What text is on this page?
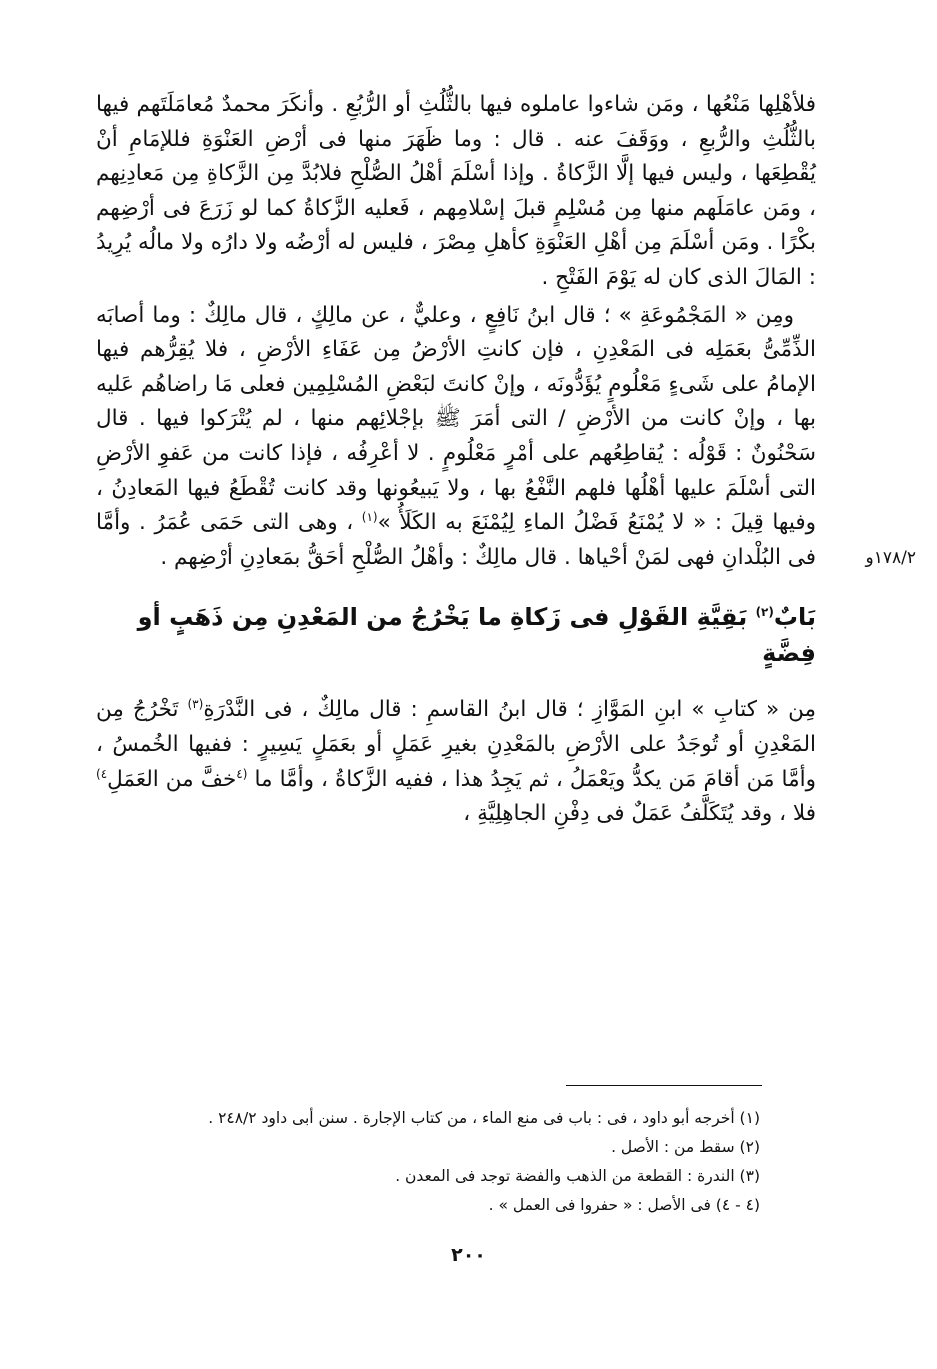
١٧٨/٢و

فلأهْلِها مَنْعُها ، ومَن شاءوا عاملوه فيها بالثُّلُثِ أو الرُّبُعِ . وأنكَرَ محمدٌ مُعامَلَتَهم فيها بالثُّلُثِ والرُّبعِ ، ووَقَفَ عنه . قال : وما ظَهَرَ منها فى أرْضِ العَنْوَةِ فللإمَامِ أنْ يُقْطِعَها ، وليس فيها إلَّا الزَّكاةُ . وإذا أسْلَمَ أهْلُ الصُّلْحِ فلابُدَّ مِن الزَّكاةِ مِن مَعادِنِهم ، ومَن عامَلَهم منها مِن مُسْلِمٍ قبلَ إسْلامِهم ، فَعليه الزَّكاةُ كما لو زَرَعَ فى أرْضِهم بكْرًا . ومَن أسْلَمَ مِن أهْلِ العَنْوَةِ كأهلِ مِصْرَ ، فليس له أرْضُه ولا دارُه ولا مالُه يُرِيدُ : المَالَ الذى كان له يَوْمَ الفَتْحِ .

ومِن « المَجْمُوعَةِ » ؛ قال ابنُ نَافِعٍ ، وعليٌّ ، عن مالِكٍ ، قال مالِكٌ : وما أصابَه الذِّمِّىُّ بعَمَلِه فى المَعْدِنِ ، فإن كانتِ الأرْضُ مِن عَفَاءِ الأرْضِ ، فلا يُقِرُّهم فيها الإمامُ على شَىءٍ مَعْلُومٍ يُؤَدُّونَه ، وإنْ كانتَ لبَعْضِ المُسْلِمِين فعلى مَا راضاهُم عَليه بها ، وإنْ كانت من الأرْضِ / التى أمَرَ ﷺ بإجْلائِهم منها ، لم يُتْرَكوا فيها . قال سَحْنُونٌ : قَوْلُه : يُقاطِعُهم على أمْرٍ مَعْلُومٍ . لا أعْرِفُه ، فإذا كانت من عَفوِ الأرْضِ التى أسْلَمَ عليها أهْلُها فلهم النَّفْعُ بها ، ولا يَبيعُونها وقد كانت تُقْطَعُ فيها المَعادِنُ ، وفيها قِيلَ : « لا يُمْنَعُ فَضْلُ الماءِ لِيُمْنَعَ به الكَلَأُ »$^{(١)}$ ، وهى التى حَمَى عُمَرُ . وأمَّا فى البُلْدانِ فهى لمَنْ أحْياها . قال مالِكٌ : وأهْلُ الصُّلْحِ أحَقُّ بمَعادِنِ أرْضِهم .

بَابٌ$^{(٢)}$ بَقِيَّةِ القَوْلِ فى زَكاةِ ما يَخْرُجُ من المَعْدِنِ مِن ذَهَبٍ أو فِضَّةٍ

مِن « كتابِ » ابنِ المَوَّازِ ؛ قال ابنُ القاسمِ : قال مالِكٌ ، فى النَّدْرَةِ$^{(٣)}$ تَخْرُجُ مِن المَعْدِنِ أو تُوجَدُ على الأرْضِ بالمَعْدِنِ بغيرِ عَمَلٍ أو بعَمَلٍ يَسِيرٍ : ففيها الخُمسُ ، وأمَّا مَن أقامَ مَن يكدُّ ويَعْمَلُ ، ثم يَجِدُ هذا ، ففيه الزَّكاةُ ، وأمَّا ما $^{(٤}$خفَّ من العَمَلِ$^{٤)}$ فلا ، وقد يُتَكَلَّفُ عَمَلٌ فى دِفْنِ الجاهِلِيَّةِ ،

(١) أخرجه أبو داود ، فى : باب فى منع الماء ، من كتاب الإجارة . سنن أبى داود ٢٤٨/٢ .

(٢) سقط من : الأصل .

(٣) الندرة : القطعة من الذهب والفضة توجد فى المعدن .

(٤ - ٤) فى الأصل : « حفروا فى العمل » .

٢٠٠
